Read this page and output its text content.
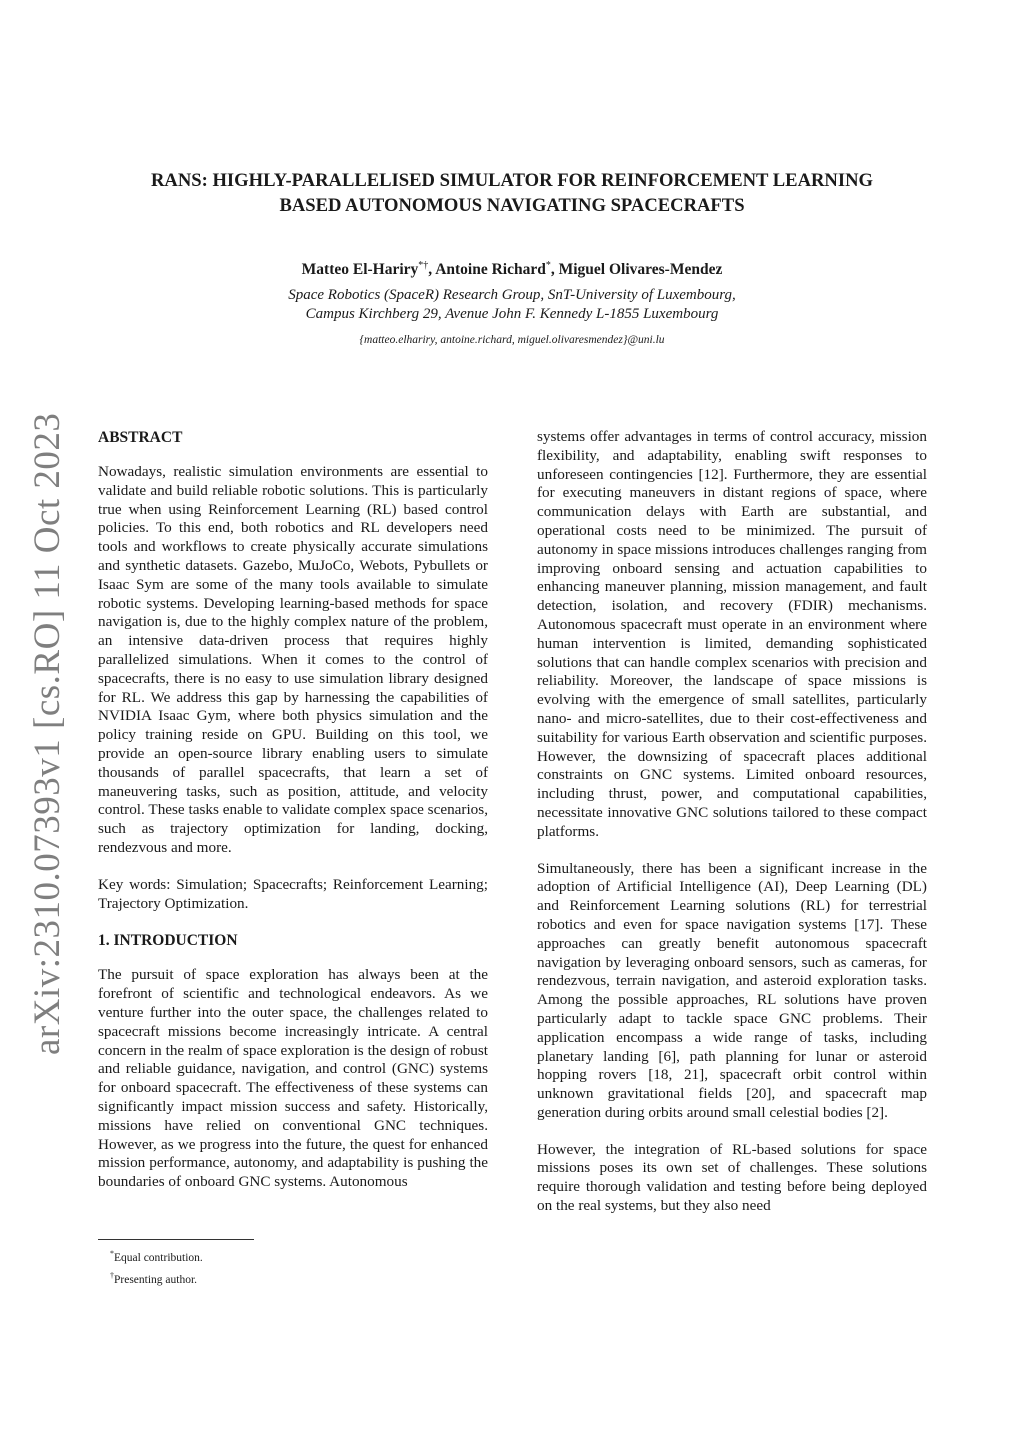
arXiv:2310.07393v1 [cs.RO] 11 Oct 2023
RANS: HIGHLY-PARALLELISED SIMULATOR FOR REINFORCEMENT LEARNING
BASED AUTONOMOUS NAVIGATING SPACECRAFTS
Matteo El-Hariry*†, Antoine Richard*, Miguel Olivares-Mendez
Space Robotics (SpaceR) Research Group, SnT-University of Luxembourg,
Campus Kirchberg 29, Avenue John F. Kennedy L-1855 Luxembourg
{matteo.elhariry, antoine.richard, miguel.olivaresmendez}@uni.lu
ABSTRACT

Nowadays, realistic simulation environments are essential to validate and build reliable robotic solutions. This is particularly true when using Reinforcement Learning (RL) based control policies. To this end, both robotics and RL developers need tools and workflows to create physically accurate simulations and synthetic datasets. Gazebo, MuJoCo, Webots, Pybullets or Isaac Sym are some of the many tools available to simulate robotic systems. Developing learning-based methods for space navigation is, due to the highly complex nature of the problem, an intensive data-driven process that requires highly parallelized simulations. When it comes to the control of spacecrafts, there is no easy to use simulation library designed for RL. We address this gap by harnessing the capabilities of NVIDIA Isaac Gym, where both physics simulation and the policy training reside on GPU. Building on this tool, we provide an open-source library enabling users to simulate thousands of parallel spacecrafts, that learn a set of maneuvering tasks, such as position, attitude, and velocity control. These tasks enable to validate complex space scenarios, such as trajectory optimization for landing, docking, rendezvous and more.

Key words: Simulation; Spacecrafts; Reinforcement Learning; Trajectory Optimization.

1. INTRODUCTION

The pursuit of space exploration has always been at the forefront of scientific and technological endeavors. As we venture further into the outer space, the challenges related to spacecraft missions become increasingly intricate. A central concern in the realm of space exploration is the design of robust and reliable guidance, navigation, and control (GNC) systems for onboard spacecraft. The effectiveness of these systems can significantly impact mission success and safety. Historically, missions have relied on conventional GNC techniques. However, as we progress into the future, the quest for enhanced mission performance, autonomy, and adaptability is pushing the boundaries of onboard GNC systems. Autonomous

systems offer advantages in terms of control accuracy, mission flexibility, and adaptability, enabling swift responses to unforeseen contingencies [12]. Furthermore, they are essential for executing maneuvers in distant regions of space, where communication delays with Earth are substantial, and operational costs need to be minimized. The pursuit of autonomy in space missions introduces challenges ranging from improving onboard sensing and actuation capabilities to enhancing maneuver planning, mission management, and fault detection, isolation, and recovery (FDIR) mechanisms. Autonomous spacecraft must operate in an environment where human intervention is limited, demanding sophisticated solutions that can handle complex scenarios with precision and reliability. Moreover, the landscape of space missions is evolving with the emergence of small satellites, particularly nano- and micro-satellites, due to their cost-effectiveness and suitability for various Earth observation and scientific purposes. However, the downsizing of spacecraft places additional constraints on GNC systems. Limited onboard resources, including thrust, power, and computational capabilities, necessitate innovative GNC solutions tailored to these compact platforms.

Simultaneously, there has been a significant increase in the adoption of Artificial Intelligence (AI), Deep Learning (DL) and Reinforcement Learning solutions (RL) for terrestrial robotics and even for space navigation systems [17]. These approaches can greatly benefit autonomous spacecraft navigation by leveraging onboard sensors, such as cameras, for rendezvous, terrain navigation, and asteroid exploration tasks. Among the possible approaches, RL solutions have proven particularly adapt to tackle space GNC problems. Their application encompass a wide range of tasks, including planetary landing [6], path planning for lunar or asteroid hopping rovers [18, 21], spacecraft orbit control within unknown gravitational fields [20], and spacecraft map generation during orbits around small celestial bodies [2].

However, the integration of RL-based solutions for space missions poses its own set of challenges. These solutions require thorough validation and testing before being deployed on the real systems, but they also need

*Equal contribution.
†Presenting author.
